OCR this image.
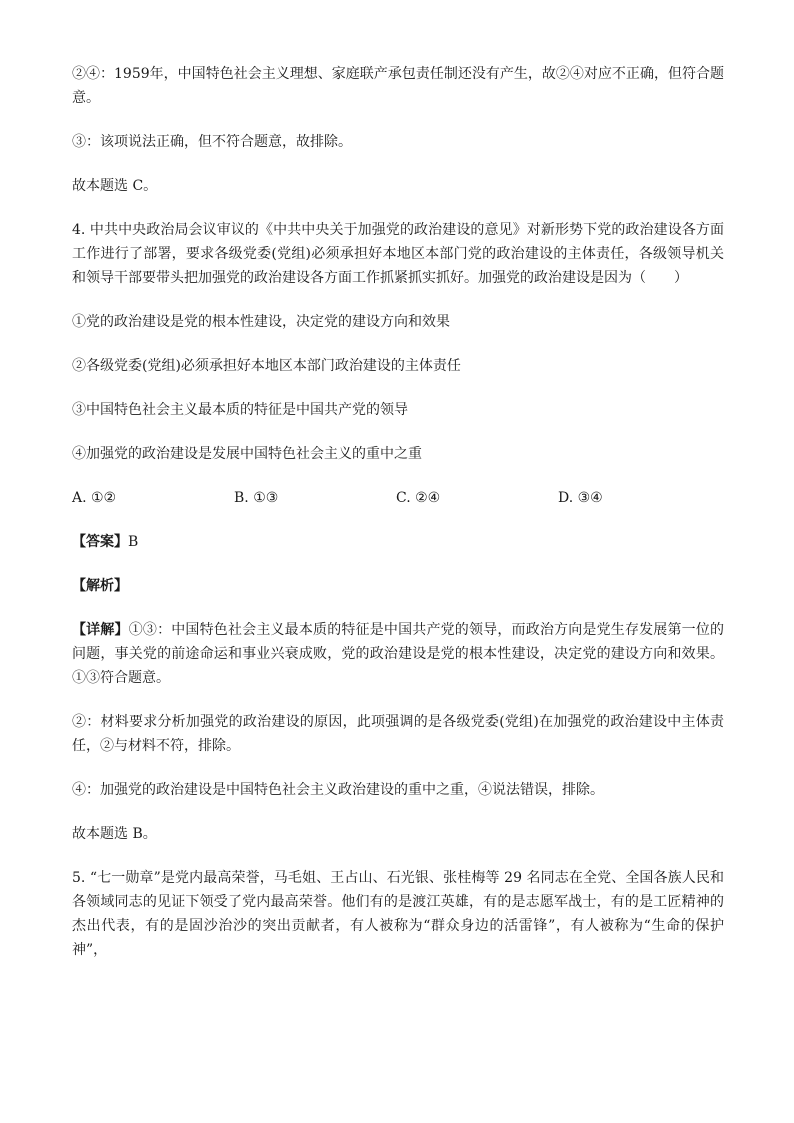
②④：1959年，中国特色社会主义理想、家庭联产承包责任制还没有产生，故②④对应不正确，但符合题意。

③：该项说法正确，但不符合题意，故排除。

故本题选 C。

4. 中共中央政治局会议审议的《中共中央关于加强党的政治建设的意见》对新形势下党的政治建设各方面工作进行了部署，要求各级党委(党组)必须承担好本地区本部门党的政治建设的主体责任，各级领导机关和领导干部要带头把加强党的政治建设各方面工作抓紧抓实抓好。加强党的政治建设是因为（　　）

①党的政治建设是党的根本性建设，决定党的建设方向和效果

②各级党委(党组)必须承担好本地区本部门政治建设的主体责任

③中国特色社会主义最本质的特征是中国共产党的领导

④加强党的政治建设是发展中国特色社会主义的重中之重

A. ①②	B. ①③	C. ②④	D. ③④

【答案】B

【解析】

【详解】①③：中国特色社会主义最本质的特征是中国共产党的领导，而政治方向是党生存发展第一位的问题，事关党的前途命运和事业兴衰成败，党的政治建设是党的根本性建设，决定党的建设方向和效果。①③符合题意。

②：材料要求分析加强党的政治建设的原因，此项强调的是各级党委(党组)在加强党的政治建设中主体责任，②与材料不符，排除。

④：加强党的政治建设是中国特色社会主义政治建设的重中之重，④说法错误，排除。

故本题选 B。

5. “七一勋章”是党内最高荣誉，马毛姐、王占山、石光银、张桂梅等 29 名同志在全党、全国各族人民和各领域同志的见证下领受了党内最高荣誉。他们有的是渡江英雄，有的是志愿军战士，有的是工匠精神的杰出代表，有的是固沙治沙的突出贡献者，有人被称为“群众身边的活雷锋”，有人被称为“生命的保护神”，
